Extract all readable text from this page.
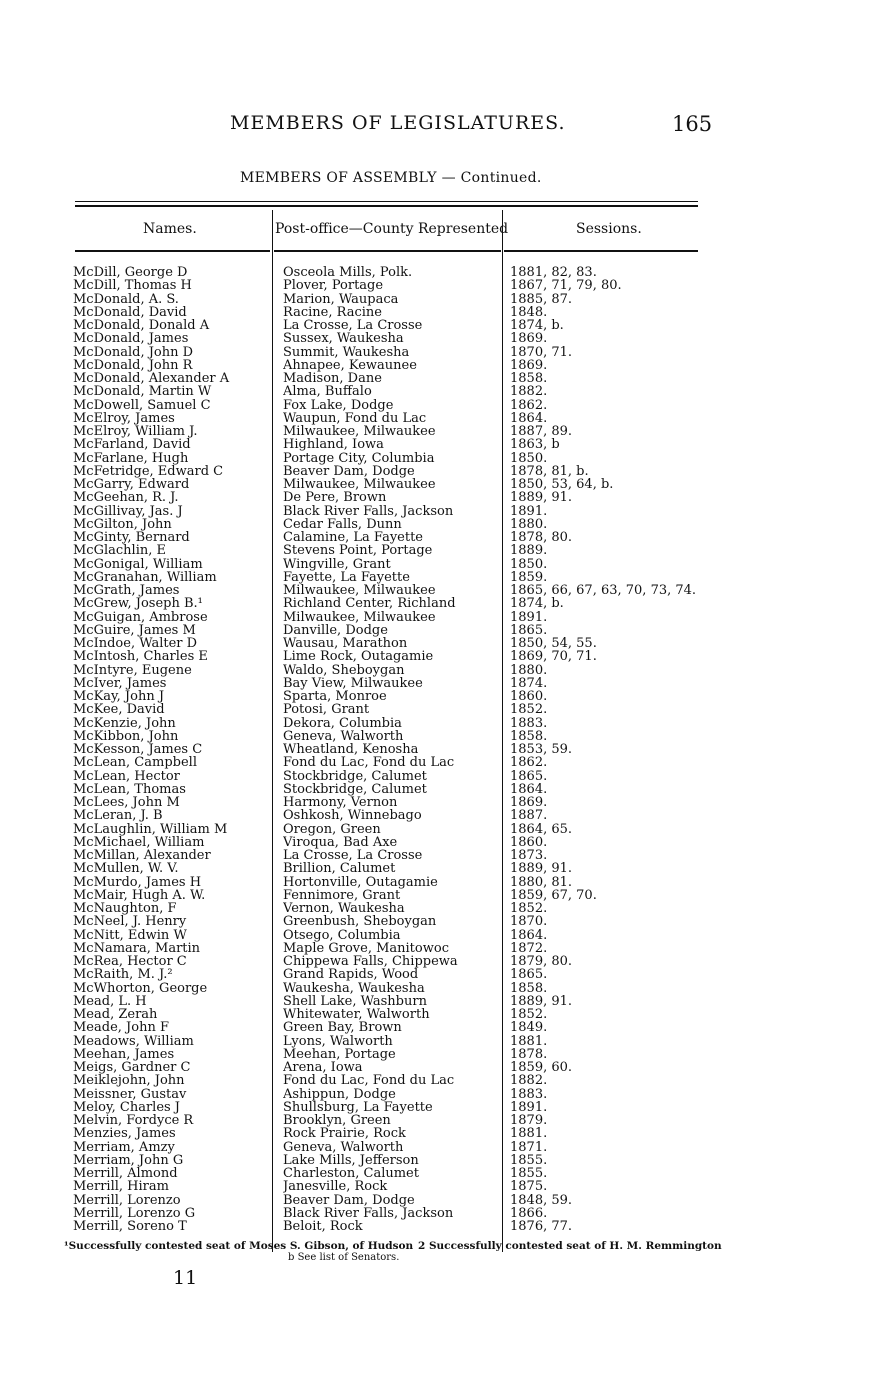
MEMBERS OF LEGISLATURES.	165
MEMBERS OF ASSEMBLY — Continued.
Names.	Post-office—County Represented	Sessions.
McDill, George D	Osceola Mills, Polk.	1881, 82, 83.
McDill, Thomas H	Plover, Portage	1867, 71, 79, 80.
McDonald, A. S.	Marion, Waupaca	1885, 87.
McDonald, David	Racine, Racine	1848.
McDonald, Donald A	La Crosse, La Crosse	1874, b.
McDonald, James	Sussex, Waukesha	1869.
McDonald, John D	Summit, Waukesha	1870, 71.
McDonald, John R	Ahnapee, Kewaunee	1869.
McDonald, Alexander A	Madison, Dane	1858.
McDonald, Martin W	Alma, Buffalo	1882.
McDowell, Samuel C	Fox Lake, Dodge	1862.
McElroy, James	Waupun, Fond du Lac	1864.
McElroy, William J.	Milwaukee, Milwaukee	1887, 89.
McFarland, David	Highland, Iowa	1863, b
McFarlane, Hugh	Portage City, Columbia	1850.
McFetridge, Edward C	Beaver Dam, Dodge	1878, 81, b.
McGarry, Edward	Milwaukee, Milwaukee	1850, 53, 64, b.
McGeehan, R. J.	De Pere, Brown	1889, 91.
McGillivay, Jas. J	Black River Falls, Jackson	1891.
McGilton, John	Cedar Falls, Dunn	1880.
McGinty, Bernard	Calamine, La Fayette	1878, 80.
McGlachlin, E	Stevens Point, Portage	1889.
McGonigal, William	Wingville, Grant	1850.
McGranahan, William	Fayette, La Fayette	1859.
McGrath, James	Milwaukee, Milwaukee	1865, 66, 67, 63, 70, 73, 74.
McGrew, Joseph B.¹	Richland Center, Richland	1874, b.
McGuigan, Ambrose	Milwaukee, Milwaukee	1891.
McGuire, James M	Danville, Dodge	1865.
McIndoe, Walter D	Wausau, Marathon	1850, 54, 55.
McIntosh, Charles E	Lime Rock, Outagamie	1869, 70, 71.
McIntyre, Eugene	Waldo, Sheboygan	1880.
McIver, James	Bay View, Milwaukee	1874.
McKay, John J	Sparta, Monroe	1860.
McKee, David	Potosi, Grant	1852.
McKenzie, John	Dekora, Columbia	1883.
McKibbon, John	Geneva, Walworth	1858.
McKesson, James C	Wheatland, Kenosha	1853, 59.
McLean, Campbell	Fond du Lac, Fond du Lac	1862.
McLean, Hector	Stockbridge, Calumet	1865.
McLean, Thomas	Stockbridge, Calumet	1864.
McLees, John M	Harmony, Vernon	1869.
McLeran, J. B	Oshkosh, Winnebago	1887.
McLaughlin, William M	Oregon, Green	1864, 65.
McMichael, William	Viroqua, Bad Axe	1860.
McMillan, Alexander	La Crosse, La Crosse	1873.
McMullen, W. V.	Brillion, Calumet	1889, 91.
McMurdo, James H	Hortonville, Outagamie	1880, 81.
McMair, Hugh A. W.	Fennimore, Grant	1859, 67, 70.
McNaughton, F	Vernon, Waukesha	1852.
McNeel, J. Henry	Greenbush, Sheboygan	1870.
McNitt, Edwin W	Otsego, Columbia	1864.
McNamara, Martin	Maple Grove, Manitowoc	1872.
McRea, Hector C	Chippewa Falls, Chippewa	1879, 80.
McRaith, M. J.²	Grand Rapids, Wood	1865.
McWhorton, George	Waukesha, Waukesha	1858.
Mead, L. H	Shell Lake, Washburn	1889, 91.
Mead, Zerah	Whitewater, Walworth	1852.
Meade, John F	Green Bay, Brown	1849.
Meadows, William	Lyons, Walworth	1881.
Meehan, James	Meehan, Portage	1878.
Meigs, Gardner C	Arena, Iowa	1859, 60.
Meiklejohn, John	Fond du Lac, Fond du Lac	1882.
Meissner, Gustav	Ashippun, Dodge	1883.
Meloy, Charles J	Shullsburg, La Fayette	1891.
Melvin, Fordyce R	Brooklyn, Green	1879.
Menzies, James	Rock Prairie, Rock	1881.
Merriam, Amzy	Geneva, Walworth	1871.
Merriam, John G	Lake Mills, Jefferson	1855.
Merrill, Almond	Charleston, Calumet	1855.
Merrill, Hiram	Janesville, Rock	1875.
Merrill, Lorenzo	Beaver Dam, Dodge	1848, 59.
Merrill, Lorenzo G	Black River Falls, Jackson	1866.
Merrill, Soreno T	Beloit, Rock	1876, 77.
¹Successfully contested seat of Moses S. Gibson, of Hudson 2 Successfully contested seat of H. M. Remmington
b See list of Senators.
11
